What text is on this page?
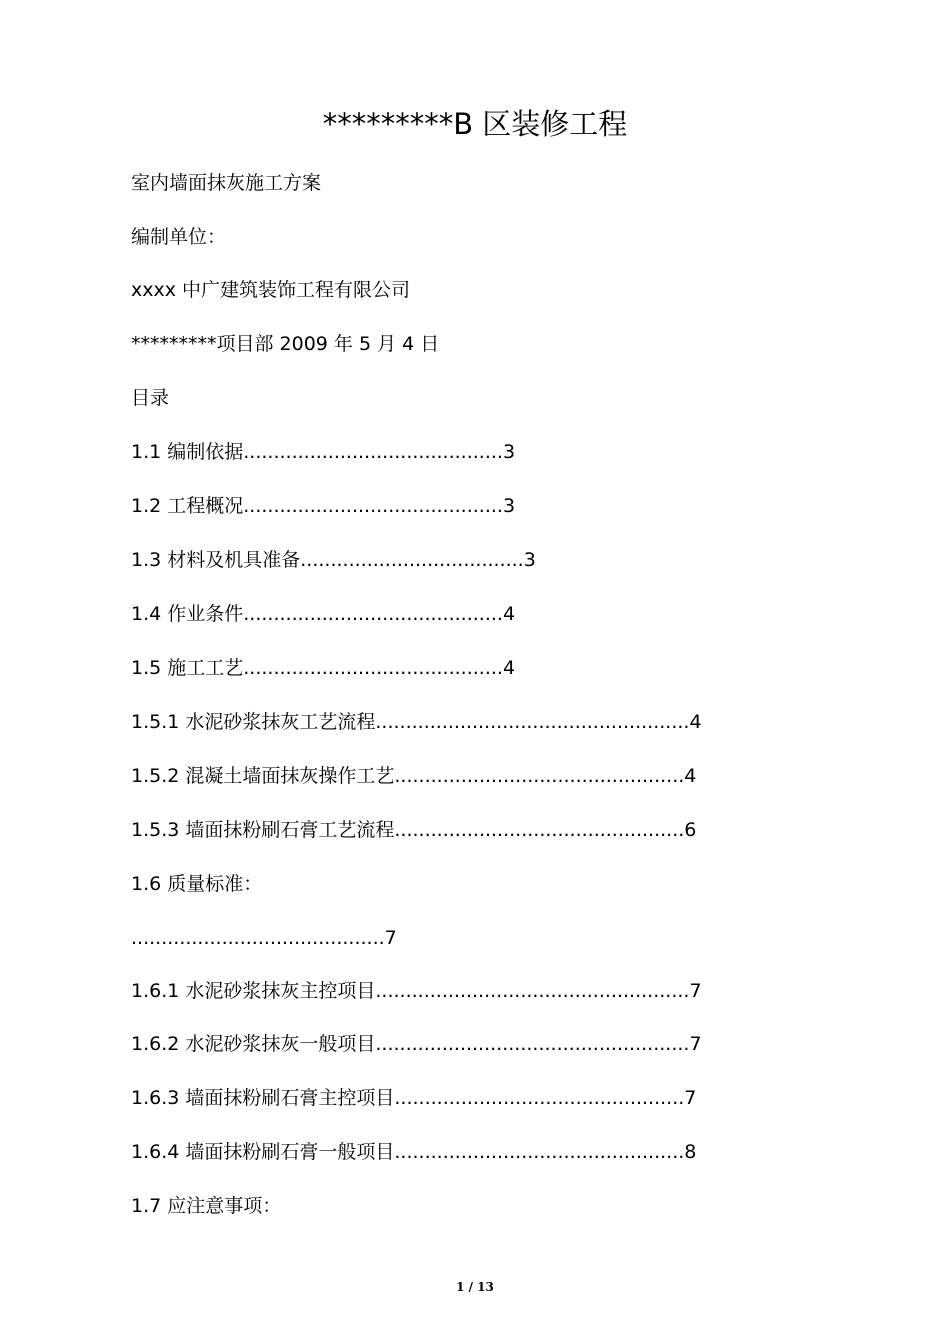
*********B 区装修工程
室内墙面抹灰施工方案
编制单位：
xxxx 中广建筑装饰工程有限公司
*********项目部 2009 年 5 月 4 日
目录
1.1 编制依据...........................................3
1.2 工程概况...........................................3
1.3 材料及机具准备.....................................3
1.4 作业条件...........................................4
1.5 施工工艺...........................................4
1.5.1 水泥砂浆抹灰工艺流程....................................................4
1.5.2 混凝土墙面抹灰操作工艺................................................4
1.5.3 墙面抹粉刷石膏工艺流程................................................6
1.6 质量标准：
..........................................7
1.6.1 水泥砂浆抹灰主控项目....................................................7
1.6.2 水泥砂浆抹灰一般项目....................................................7
1.6.3 墙面抹粉刷石膏主控项目................................................7
1.6.4 墙面抹粉刷石膏一般项目................................................8
1.7 应注意事项：
1 / 13
